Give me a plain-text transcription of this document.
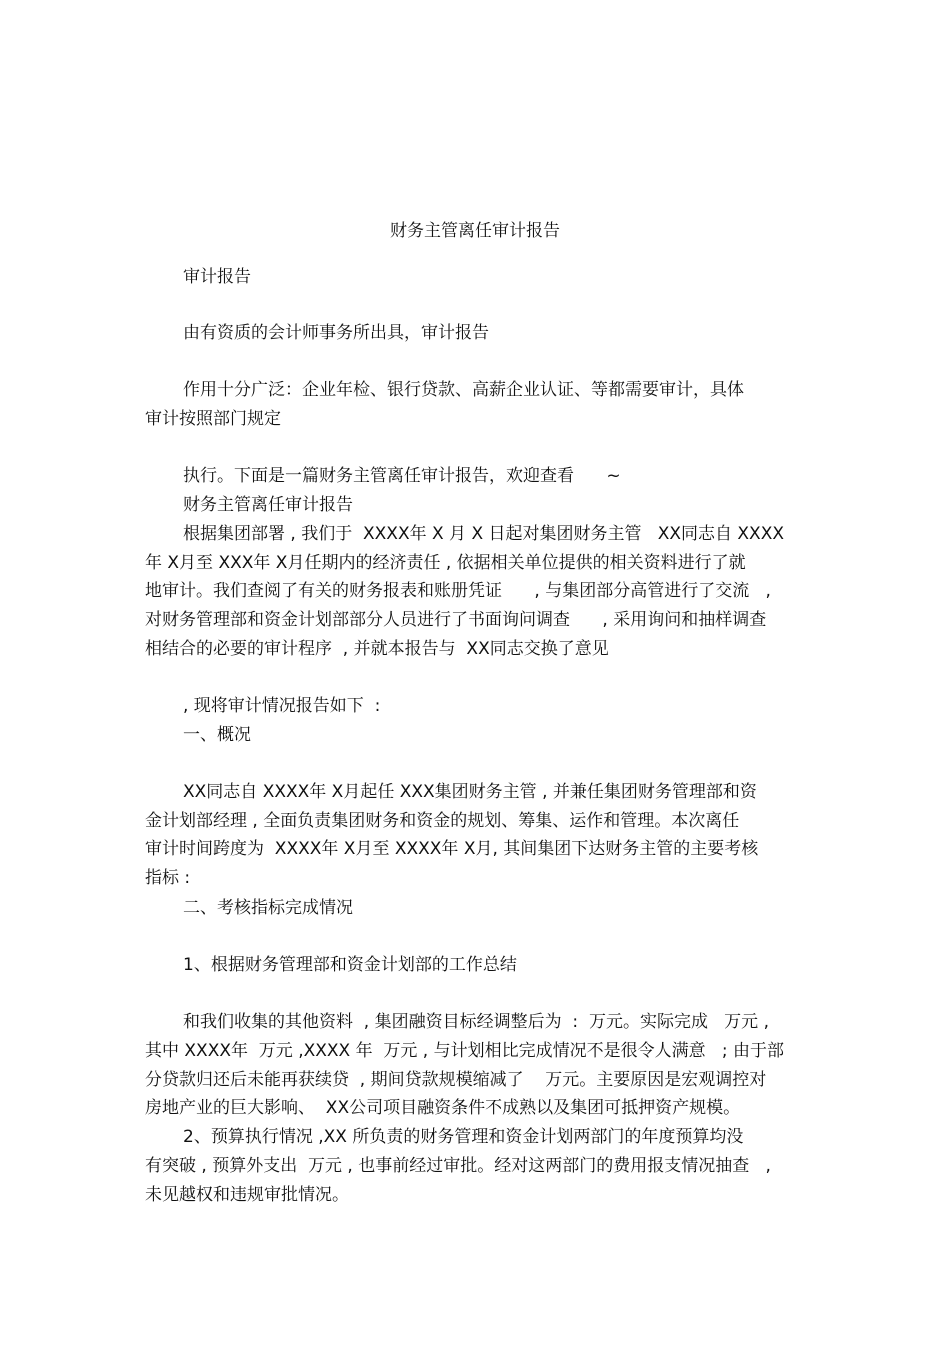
财务主管离任审计报告

审计报告

由有资质的会计师事务所出具，审计报告

作用十分广泛：企业年检、银行贷款、高薪企业认证、等都需要审计，具体

审计按照部门规定

执行。下面是一篇财务主管离任审计报告，欢迎查看      ~

财务主管离任审计报告

根据集团部署 , 我们于  XXXX年 X 月 X 日起对集团财务主管   XX同志自 XXXX

年 X月至 XXX年 X月任期内的经济责任 , 依据相关单位提供的相关资料进行了就

地审计。我们查阅了有关的财务报表和账册凭证      , 与集团部分高管进行了交流   ,

对财务管理部和资金计划部部分人员进行了书面询问调查      , 采用询问和抽样调查

相结合的必要的审计程序  , 并就本报告与  XX同志交换了意见

, 现将审计情况报告如下  :

一、概况

XX同志自 XXXX年 X月起任 XXX集团财务主管 , 并兼任集团财务管理部和资

金计划部经理 , 全面负责集团财务和资金的规划、筹集、运作和管理。本次离任

审计时间跨度为  XXXX年 X月至 XXXX年 X月, 其间集团下达财务主管的主要考核

指标 :

二、考核指标完成情况

1、根据财务管理部和资金计划部的工作总结

和我们收集的其他资料  , 集团融资目标经调整后为  :  万元。实际完成   万元 ,

其中 XXXX年  万元 ,XXXX 年  万元 , 与计划相比完成情况不是很令人满意   ; 由于部

分贷款归还后未能再获续贷  , 期间贷款规模缩减了    万元。主要原因是宏观调控对

房地产业的巨大影响、  XX公司项目融资条件不成熟以及集团可抵押资产规模。

2、预算执行情况 ,XX 所负责的财务管理和资金计划两部门的年度预算均没

有突破 , 预算外支出  万元 , 也事前经过审批。经对这两部门的费用报支情况抽查   ,

未见越权和违规审批情况。
